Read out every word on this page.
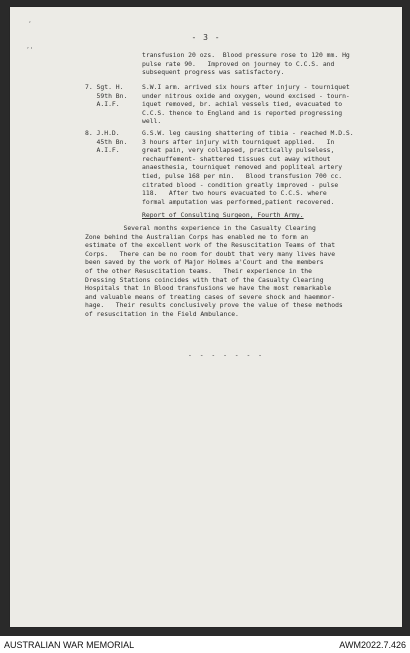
‘
’‘
- 3 -
transfusion 20 ozs.  Blood pressure rose to 120 mm. Hg
pulse rate 90.   Improved on journey to C.C.S. and
subsequent progress was satisfactory.
7. Sgt. H.
59th Bn.
A.I.F.
S.W.I arm. arrived six hours after injury - tourniquet
under nitrous oxide and oxygen, wound excised - tourn-
iquet removed, br. achial vessels tied, evacuated to
C.C.S. thence to England and is reported progressing
well.
8. J.H.D.
45th Bn.
A.I.F.
G.S.W. leg causing shattering of tibia - reached M.D.S.
3 hours after injury with tourniquet applied.   In
great pain, very collapsed, practically pulseless,
rechauffement- shattered tissues cut away without
anaesthesia, tourniquet removed and popliteal artery
tied, pulse 168 per min.   Blood transfusion 700 cc.
citrated blood - condition greatly improved - pulse
118.   After two hours evacuated to C.C.S. where
formal amputation was performed,patient recovered.
Report of Consulting Surgeon, Fourth Army.
Several months experience in the Casualty Clearing
Zone behind the Australian Corps has enabled me to form an
estimate of the excellent work of the Resuscitation Teams of that
Corps.   There can be no room for doubt that very many lives have
been saved by the work of Major Holmes a'Court and the members
of the other Resuscitation teams.   Their experience in the
Dressing Stations coincides with that of the Casualty Clearing
Hospitals that in Blood transfusions we have the most remarkable
and valuable means of treating cases of severe shock and haemmor-
hage.   Their results conclusively prove the value of these methods
of resuscitation in the Field Ambulance.
- - - - - - -
AUSTRALIAN WAR MEMORIAL	AWM2022.7.426
